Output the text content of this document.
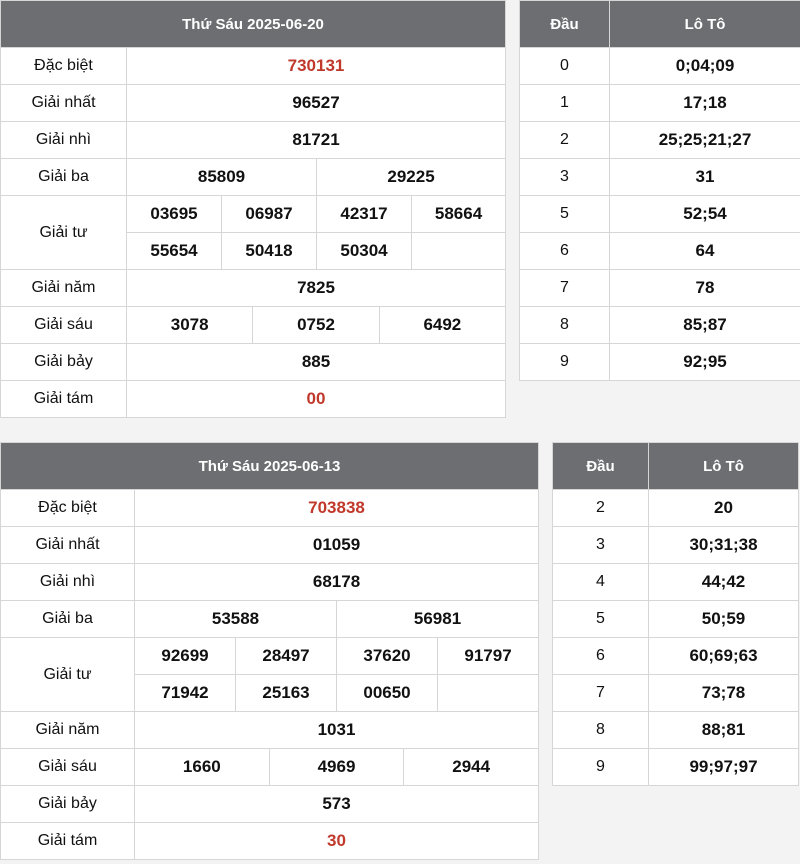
Thứ Sáu 2025-06-20				
Đặc biệt	730131			
Giải nhất	96527			
Giải nhì	81721			
Giải ba	85809		29225	
Giải tư	03695	06987	42317	58664
	55654	50418	50304	
Giải năm	7825			
Giải sáu	3078 0752 6492			

Giải bảy	885			
Giải tám	00			
Đầu	Lô Tô
0	0;04;09
1	17;18
2	25;25;21;27
3	31
5	52;54
6	64
7	78
8	85;87
9	92;95
Thứ Sáu 2025-06-13				
Đặc biệt	703838			
Giải nhất	01059			
Giải nhì	68178			
Giải ba	53588		56981	
Giải tư	92699	28497	37620	91797
	71942	25163	00650	
Giải năm	1031			
Giải sáu	1660 4969 2944			

Giải bảy	573			
Giải tám	30			
Đầu	Lô Tô
2	20
3	30;31;38
4	44;42
5	50;59
6	60;69;63
7	73;78
8	88;81
9	99;97;97
